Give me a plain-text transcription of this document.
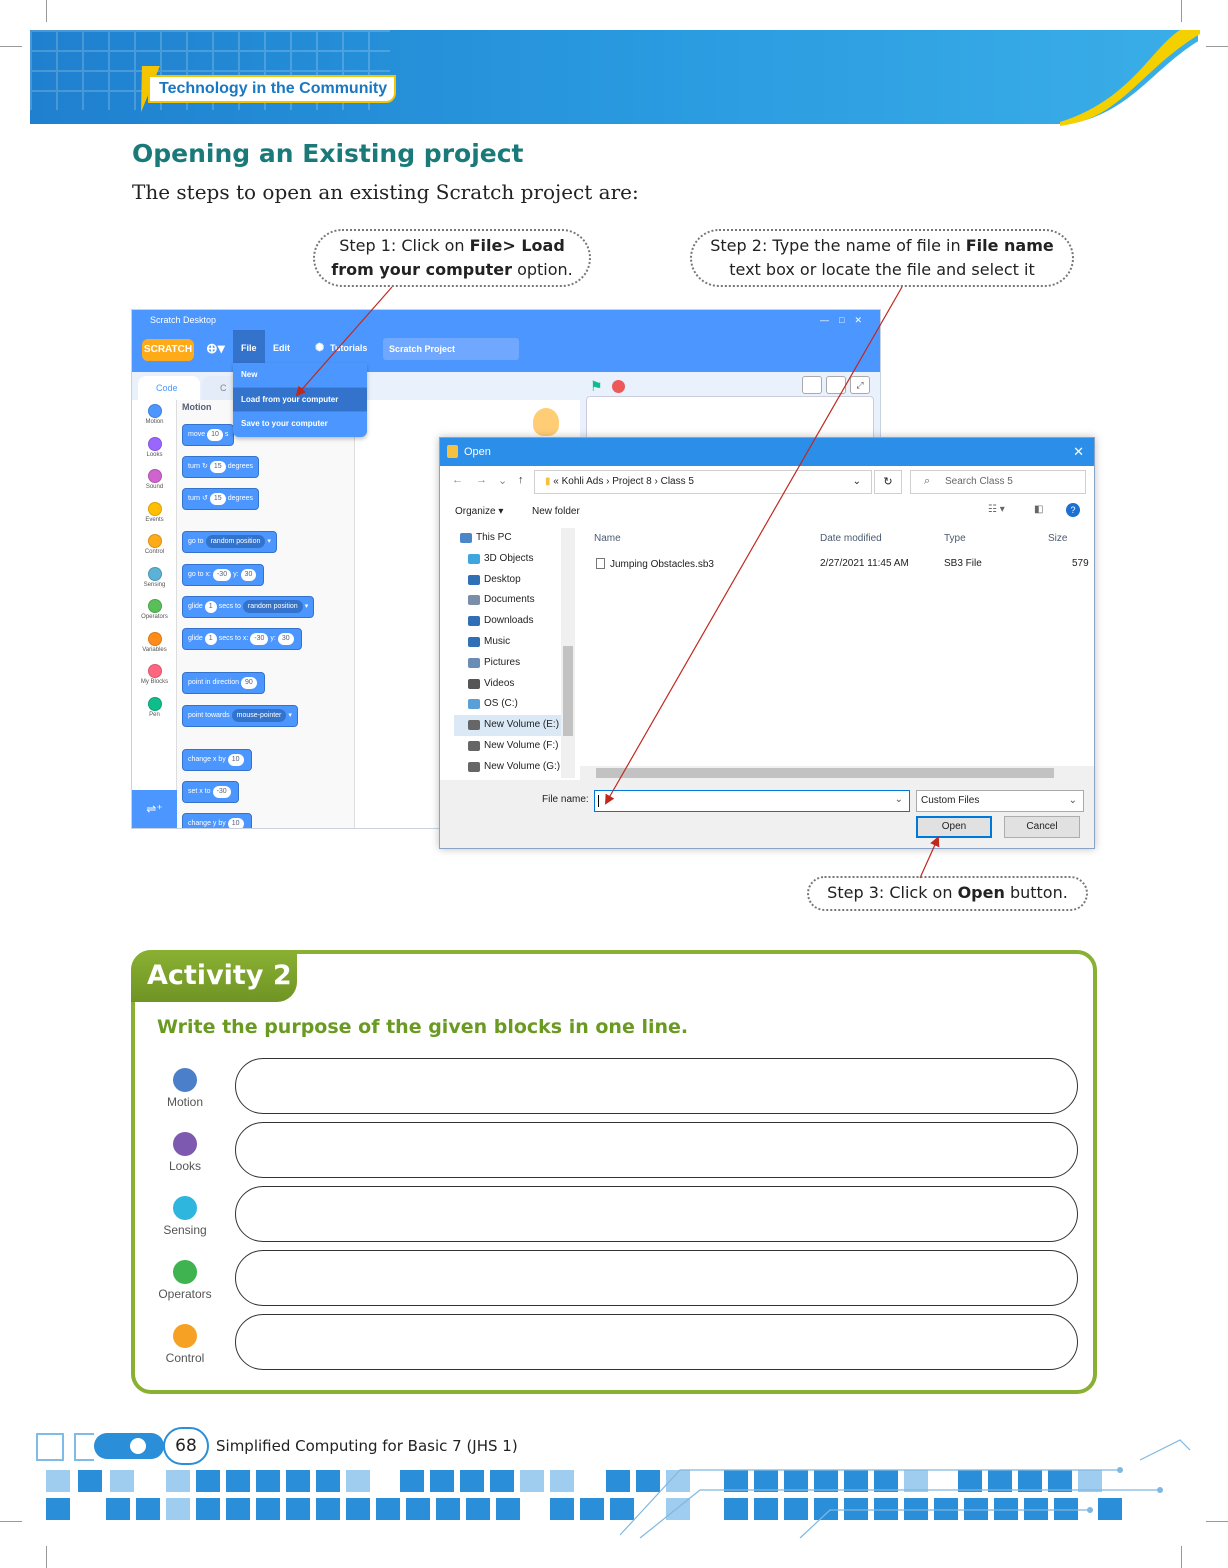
Technology in the Community
Opening an Existing project

The steps to open an existing Scratch project are:

Step 1: Click on File> Load
from your computer option.
Step 2: Type the name of file in File name
text box or locate the file and select it
Scratch Desktop	—    □    ✕
SCRATCH ⊕▾ File Edit ✺ Tutorials	Scratch Project
Code	C	⚑	⤢
Motion
Looks
Sound
Events
Control
Sensing
Operators
Variables
My Blocks
Pen
⇌⁺
Motion
move 10 s
turn ↻ 15 degrees
turn ↺ 15 degrees
go to random position ▾
go to x: -30 y: 30
glide 1 secs to random position ▾
glide 1 secs to x: -30 y: 30
point in direction 90
point towards mouse-pointer ▾
change x by 10
set x to -30
change y by 10
New
Load from your computer
Save to your computer
Open	✕
← → ⌄ ↑	▮ « Kohli Ads › Project 8 › Class 5	⌄	↻	Search Class 5
⌕
Organize ▾	New folder	☷ ▾	◧	?
This PC
3D Objects
Desktop
Documents
Downloads
Music
Pictures
Videos
OS (C:)
New Volume (E:)
New Volume (F:)
New Volume (G:)
Name	Date modified	Type	Size
Jumping Obstacles.sb3	2/27/2021 11:45 AM	SB3 File	579
File name:	⌄	Custom Files	⌄
Open	Cancel
Step 3: Click on Open button.
Activity 2
Write the purpose of the given blocks in one line.
Motion
Looks
Sensing
Operators
Control
68	Simplified Computing for Basic 7 (JHS 1)
